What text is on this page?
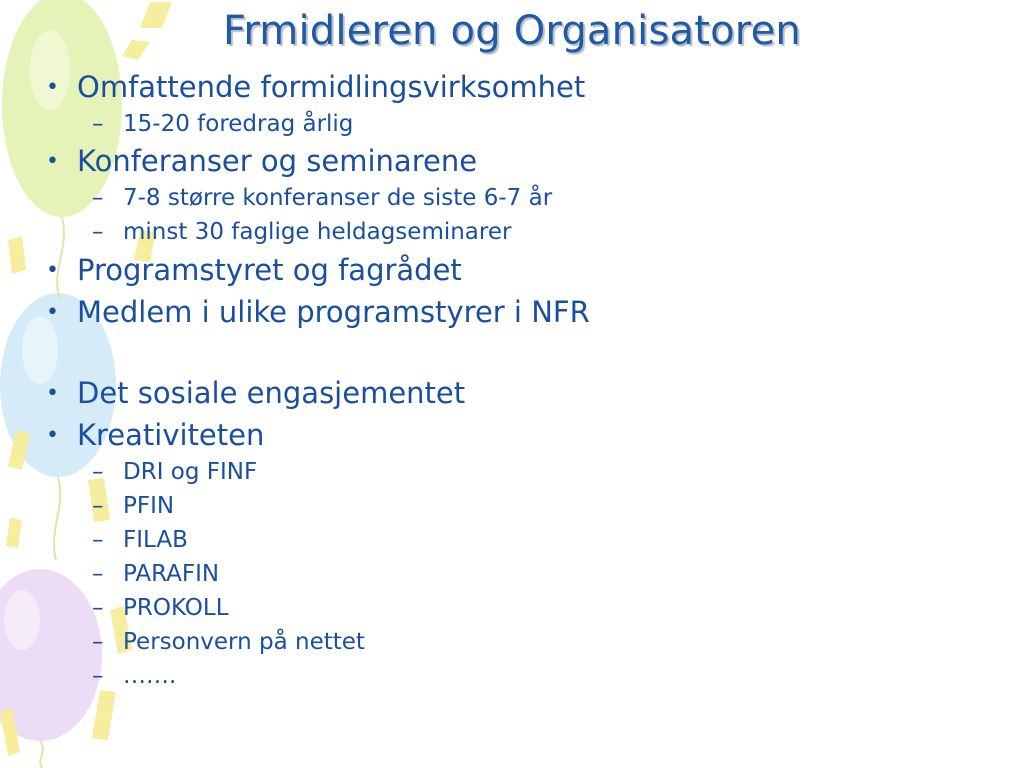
Frmidleren og Organisatoren
• Omfattende formidlingsvirksomhet
– 15-20 foredrag årlig
• Konferanser og seminarene
– 7-8 større konferanser de siste 6-7 år
– minst 30 faglige heldagseminarer
• Programstyret og fagrådet
• Medlem i ulike programstyrer i NFR
• Det sosiale engasjementet
• Kreativiteten
– DRI og FINF
– PFIN
– FILAB
– PARAFIN
– PROKOLL
– Personvern på nettet
– …….
